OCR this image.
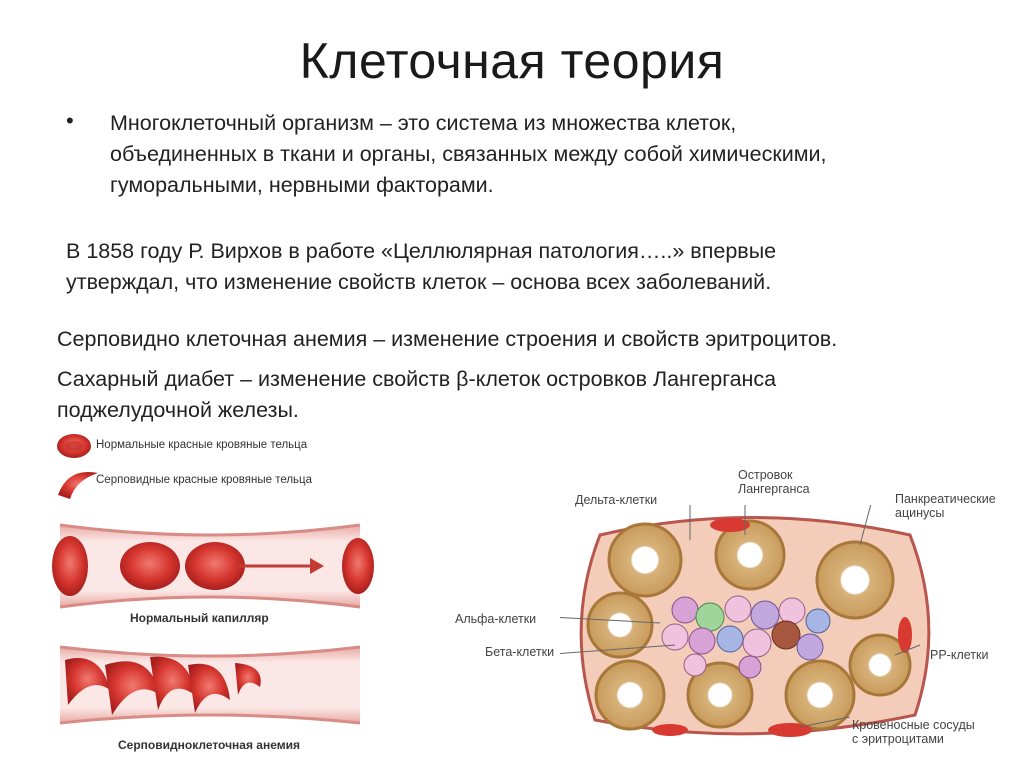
Клеточная теория
• Многоклеточный организм – это система из множества клеток,
объединенных в ткани и органы, связанных между собой химическими,
гуморальными, нервными факторами.
В 1858 году Р. Вирхов в работе «Целлюлярная патология…..» впервые
утверждал, что изменение свойств клеток – основа всех заболеваний.
Серповидно клеточная анемия – изменение строения и свойств эритроцитов.
Сахарный диабет – изменение свойств β-клеток островков Лангерганса
поджелудочной железы.
Нормальные красные кровяные тельца
Серповидные красные кровяные тельца
Нормальный капилляр
Серповидноклеточная анемия
Островок
Лангерганса
Дельта-клетки	Панкреатические
ацинусы
Альфа-клетки
Бета-клетки	PP-клетки
Кровеносные сосуды
с эритроцитами
